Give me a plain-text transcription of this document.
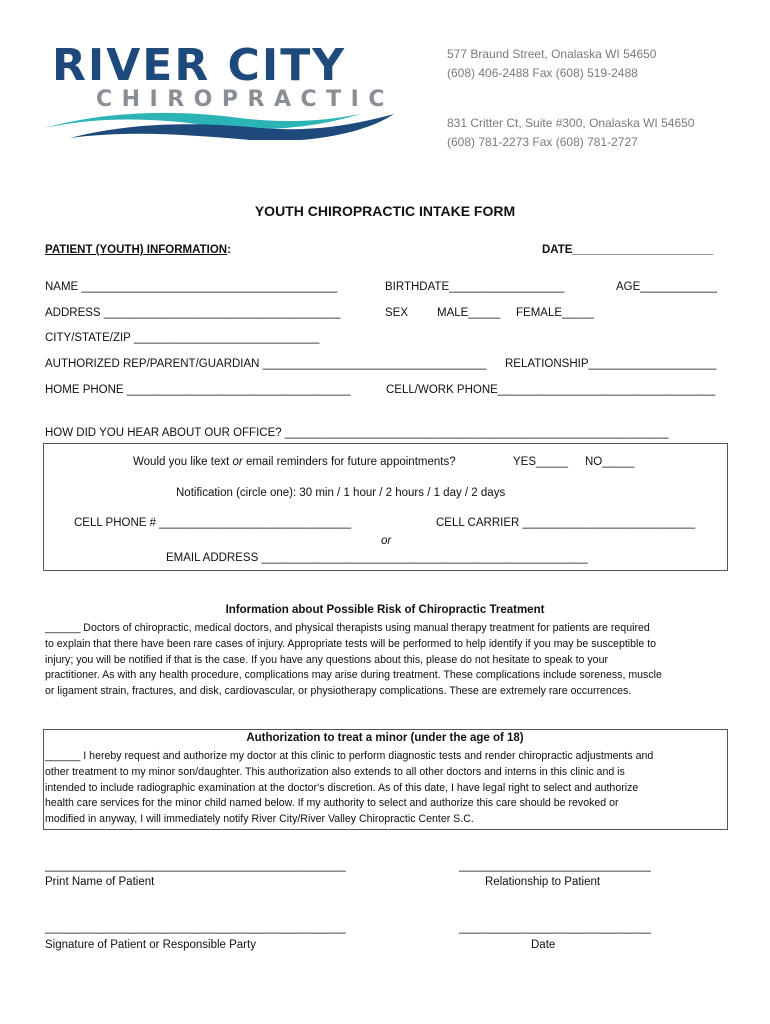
RIVER CITY
CHIROPRACTIC
577 Braund Street, Onalaska WI 54650
(608) 406-2488 Fax (608) 519-2488
831 Critter Ct, Suite #300, Onalaska WI 54650
(608) 781-2273 Fax (608) 781-2727
YOUTH CHIROPRACTIC INTAKE FORM
PATIENT (YOUTH) INFORMATION:	DATE______________________
NAME ________________________________________	BIRTHDATE__________________	AGE____________
ADDRESS _____________________________________	SEX	MALE_____ FEMALE_____
CITY/STATE/ZIP _____________________________
AUTHORIZED REP/PARENT/GUARDIAN ___________________________________ RELATIONSHIP____________________
HOME PHONE ___________________________________	CELL/WORK PHONE__________________________________
HOW DID YOU HEAR ABOUT OUR OFFICE? ____________________________________________________________
Would you like text or email reminders for future appointments?	YES_____ NO_____
Notification (circle one): 30 min / 1 hour / 2 hours / 1 day / 2 days
CELL PHONE # ______________________________	CELL CARRIER ___________________________
or
EMAIL ADDRESS ___________________________________________________
Information about Possible Risk of Chiropractic Treatment
______ Doctors of chiropractic, medical doctors, and physical therapists using manual therapy treatment for patients are required
to explain that there have been rare cases of injury. Appropriate tests will be performed to help identify if you may be susceptible to
injury; you will be notified if that is the case. If you have any questions about this, please do not hesitate to speak to your
practitioner. As with any health procedure, complications may arise during treatment. These complications include soreness, muscle
or ligament strain, fractures, and disk, cardiovascular, or physiotherapy complications. These are extremely rare occurrences.
Authorization to treat a minor (under the age of 18)
______ I hereby request and authorize my doctor at this clinic to perform diagnostic tests and render chiropractic adjustments and
other treatment to my minor son/daughter. This authorization also extends to all other doctors and interns in this clinic and is
intended to include radiographic examination at the doctor's discretion. As of this date, I have legal right to select and authorize
health care services for the minor child named below. If my authority to select and authorize this care should be revoked or
modified in anyway, I will immediately notify River City/River Valley Chiropractic Center S.C.
_______________________________________________	______________________________
Print Name of Patient	Relationship to Patient
_______________________________________________	______________________________
Signature of Patient or Responsible Party	Date
